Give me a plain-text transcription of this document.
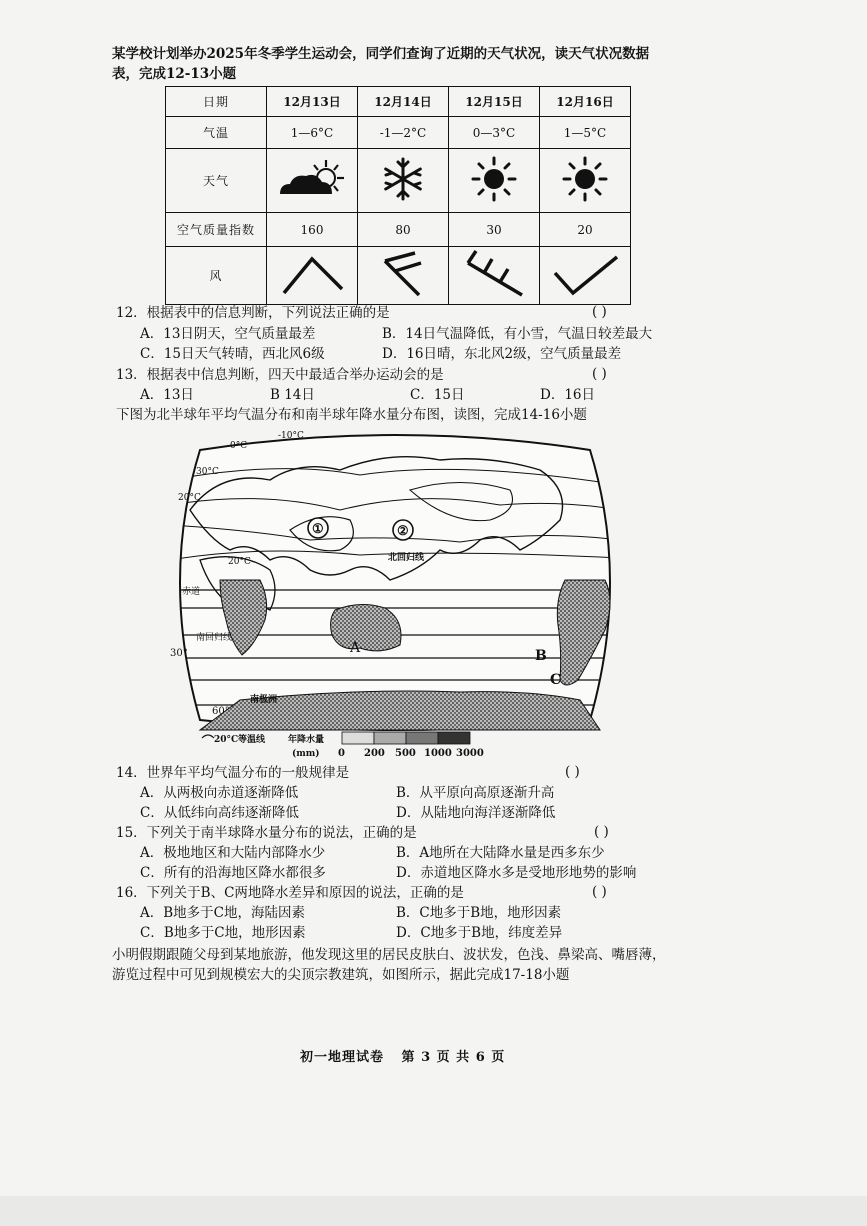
某学校计划举办2025年冬季学生运动会，同学们查询了近期的天气状况，读天气状况数据
表，完成12-13小题
日期	12月13日	12月14日	12月15日	12月16日
气温	1—6°C	-1—2°C	0—3°C	1—5°C
天气				
空气质量指数	160	80	30	20
风				
12．根据表中的信息判断，下列说法正确的是	( )
A．13日阴天，空气质量最差	B．14日气温降低，有小雪，气温日较差最大
C．15日天气转晴，西北风6级	D．16日晴，东北风2级，空气质量最差
13．根据表中信息判断，四天中最适合举办运动会的是	( )
A．13日	B 14日	C．15日	D．16日
下图为北半球年平均气温分布和南半球年降水量分布图，读图，完成14-16小题
-10°C
0°C
30°C
20°C
20°C
①	②
北回归线
赤道
南回归线
30°
60°
南极洲
A	B
C
20°C 等温线	年降水量
(mm) 0 200 500 1000 3000
14．世界年平均气温分布的一般规律是	( )
A．从两极向赤道逐渐降低	B．从平原向高原逐渐升高
C．从低纬向高纬逐渐降低	D．从陆地向海洋逐渐降低
15．下列关于南半球降水量分布的说法，正确的是	( )
A．极地地区和大陆内部降水少	B．A地所在大陆降水量是西多东少
C．所有的沿海地区降水都很多	D．赤道地区降水多是受地形地势的影响
16．下列关于B、C两地降水差异和原因的说法，正确的是	( )
A．B地多于C地，海陆因素	B．C地多于B地，地形因素
C．B地多于C地，地形因素	D．C地多于B地，纬度差异
小明假期跟随父母到某地旅游，他发现这里的居民皮肤白、波状发，色浅、鼻梁高、嘴唇薄，
游览过程中可见到规模宏大的尖顶宗教建筑，如图所示，据此完成17-18小题
初一地理试卷 第 3 页 共 6 页
